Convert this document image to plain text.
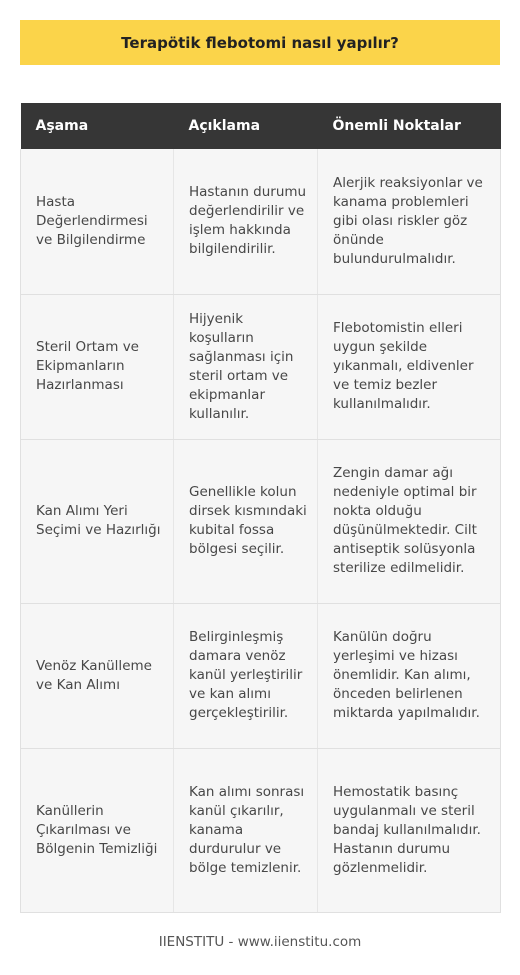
Terapötik flebotomi nasıl yapılır?
Aşama	Açıklama	Önemli Noktalar
Hasta Değerlendirmesi ve Bilgilendirme	Hastanın durumu değerlendirilir ve işlem hakkında bilgilendirilir.	Alerjik reaksiyonlar ve kanama problemleri gibi olası riskler göz önünde bulundurulmalıdır.
Steril Ortam ve Ekipmanların Hazırlanması	Hijyenik koşulların sağlanması için steril ortam ve ekipmanlar kullanılır.	Flebotomistin elleri uygun şekilde yıkanmalı, eldivenler ve temiz bezler kullanılmalıdır.
Kan Alımı Yeri Seçimi ve Hazırlığı	Genellikle kolun dirsek kısmındaki kubital fossa bölgesi seçilir.	Zengin damar ağı nedeniyle optimal bir nokta olduğu düşünülmektedir. Cilt antiseptik solüsyonla sterilize edilmelidir.
Venöz Kanülleme ve Kan Alımı	Belirginleşmiş damara venöz kanül yerleştirilir ve kan alımı gerçekleştirilir.	Kanülün doğru yerleşimi ve hizası önemlidir. Kan alımı, önceden belirlenen miktarda yapılmalıdır.
Kanüllerin Çıkarılması ve Bölgenin Temizliği	Kan alımı sonrası kanül çıkarılır, kanama durdurulur ve bölge temizlenir.	Hemostatik basınç uygulanmalı ve steril bandaj kullanılmalıdır. Hastanın durumu gözlenmelidir.
IIENSTITU - www.iienstitu.com
